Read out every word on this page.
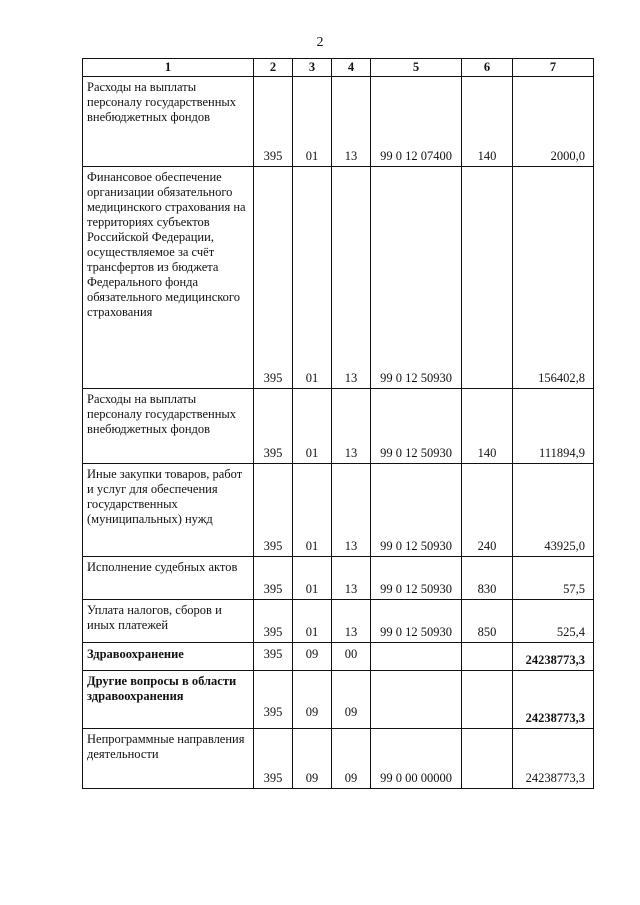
2
1	2	3	4	5	6	7
Расходы на выплаты персоналу государственных внебюджетных фондов	395	01	13	99 0 12 07400	140	2000,0
Финансовое обеспечение организации обязательного медицинского страхования на территориях субъектов Российской Федерации, осуществляемое за счёт трансфертов из бюджета Федерального фонда обязательного медицинского страхования	395	01	13	99 0 12 50930		156402,8
Расходы на выплаты персоналу государственных внебюджетных фондов	395	01	13	99 0 12 50930	140	111894,9
Иные закупки товаров, работ и услуг для обеспечения государственных (муниципальных) нужд	395	01	13	99 0 12 50930	240	43925,0
Исполнение судебных актов	395	01	13	99 0 12 50930	830	57,5
Уплата налогов, сборов и иных платежей	395	01	13	99 0 12 50930	850	525,4
Здравоохранение	395	09	00			24238773,3
Другие вопросы в области здравоохранения	395	09	09			24238773,3
Непрограммные направления деятельности	395	09	09	99 0 00 00000		24238773,3
